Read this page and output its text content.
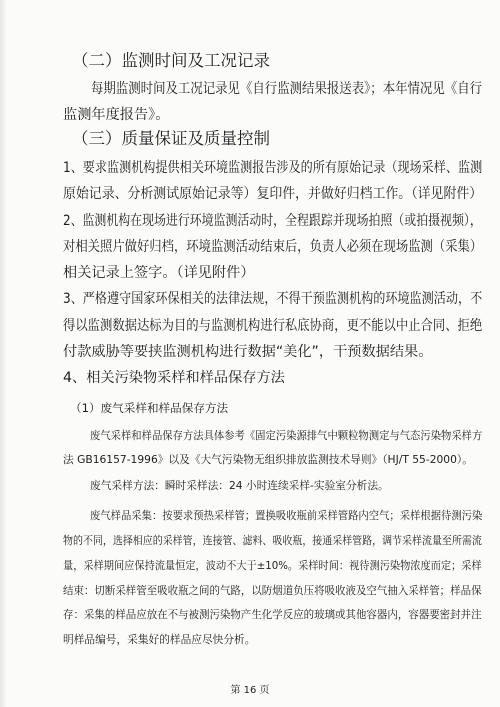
（二）监测时间及工况记录

每期监测时间及工况记录见《自行监测结果报送表》；本年情况见《自行

监测年度报告》。

（三）质量保证及质量控制

1、要求监测机构提供相关环境监测报告涉及的所有原始记录（现场采样、监测

原始记录、分析测试原始记录等）复印件，并做好归档工作。（详见附件）

2、监测机构在现场进行环境监测活动时，全程跟踪并现场拍照（或拍摄视频），

对相关照片做好归档，环境监测活动结束后，负责人必须在现场监测（采集）

相关记录上签字。（详见附件）

3、严格遵守国家环保相关的法律法规，不得干预监测机构的环境监测活动，不

得以监测数据达标为目的与监测机构进行私底协商，更不能以中止合同、拒绝

付款威胁等要挟监测机构进行数据“美化”，干预数据结果。

4、相关污染物采样和样品保存方法

（1）废气采样和样品保存方法

废气采样和样品保存方法具体参考《固定污染源排气中颗粒物测定与气态污染物采样方

法 GB16157-1996》以及《大气污染物无组织排放监测技术导则》（HJ/T 55-2000）。

废气采样方法：瞬时采样法：24 小时连续采样-实验室分析法。

废气样品采集：按要求预热采样管；置换吸收瓶前采样管路内空气；采样根据待测污染

物的不同，选择相应的采样管，连接管、滤料、吸收瓶，接通采样管路，调节采样流量至所需流

量，采样期间应保持流量恒定，波动不大于±10%。采样时间：视待测污染物浓度而定；采样

结束：切断采样管至吸收瓶之间的气路，以防烟道负压将吸收液及空气抽入采样管；样品保

存：采集的样品应放在不与被测污染物产生化学反应的玻璃或其他容器内，容器要密封并注

明样品编号，采集好的样品应尽快分析。

第 16 页
